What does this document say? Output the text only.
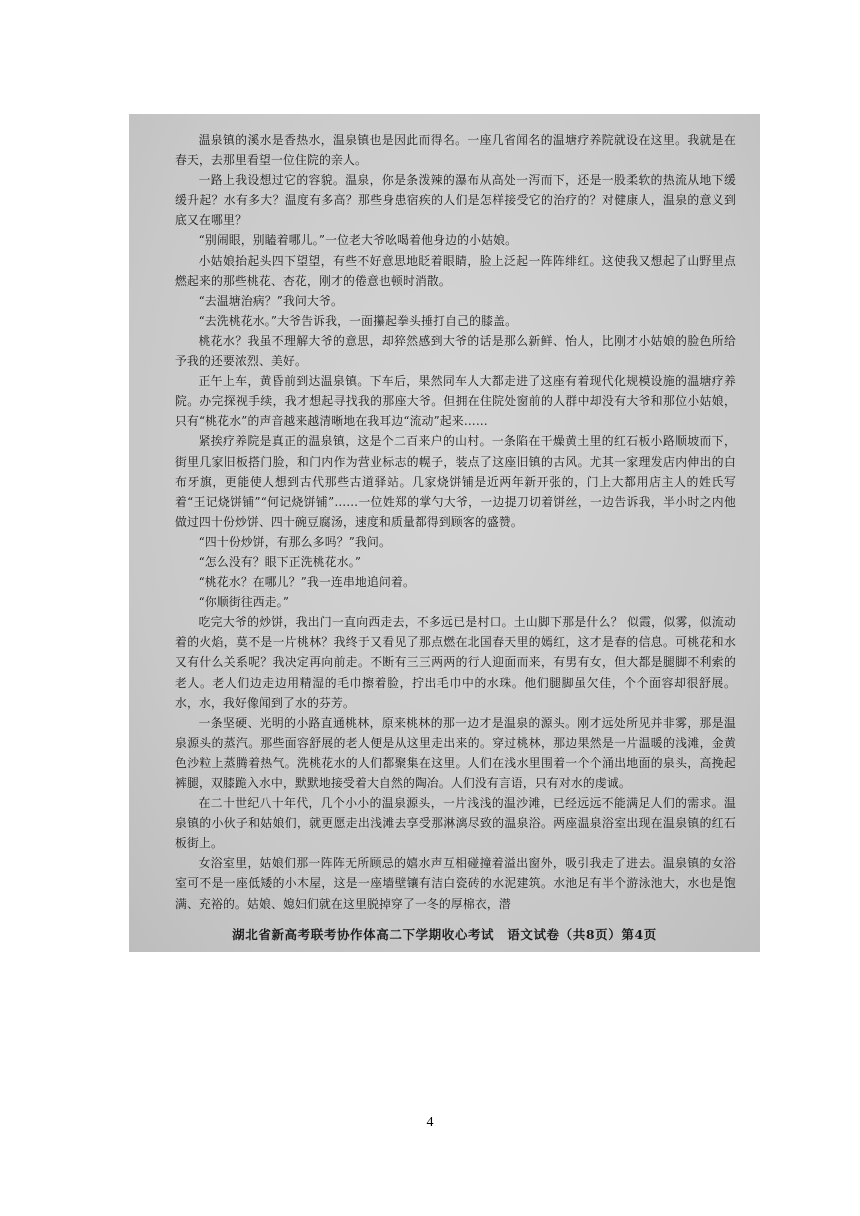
温泉镇的溪水是香热水，温泉镇也是因此而得名。一座几省闻名的温塘疗养院就设在这里。我就是在春天，去那里看望一位住院的亲人。

一路上我设想过它的容貌。温泉，你是条泼辣的瀑布从高处一泻而下，还是一股柔软的热流从地下缓缓升起？水有多大？温度有多高？那些身患宿疾的人们是怎样接受它的治疗的？对健康人，温泉的意义到底又在哪里？

“别闹眼，别瞌着哪儿。”一位老大爷吆喝着他身边的小姑娘。

小姑娘抬起头四下望望，有些不好意思地眨着眼睛，脸上泛起一阵阵绯红。这使我又想起了山野里点燃起来的那些桃花、杏花，刚才的倦意也顿时消散。

“去温塘治病？”我问大爷。

“去洗桃花水。”大爷告诉我，一面攥起拳头捶打自己的膝盖。

桃花水？我虽不理解大爷的意思，却猝然感到大爷的话是那么新鲜、怡人，比刚才小姑娘的脸色所给予我的还要浓烈、美好。

正午上车，黄昏前到达温泉镇。下车后，果然同车人大都走进了这座有着现代化规模设施的温塘疗养院。办完探视手续，我才想起寻找我的那座大爷。但拥在住院处窗前的人群中却没有大爷和那位小姑娘，只有“桃花水”的声音越来越清晰地在我耳边“流动”起来……

紧挨疗养院是真正的温泉镇，这是个二百来户的山村。一条陷在干燥黄土里的红石板小路顺坡而下，街里几家旧板搭门脸，和门内作为营业标志的幌子，装点了这座旧镇的古风。尤其一家理发店内伸出的白布牙旗，更能使人想到古代那些古道驿站。几家烧饼铺是近两年新开张的，门上大都用店主人的姓氏写着“王记烧饼铺”“何记烧饼铺”……一位姓郑的掌勺大爷，一边提刀切着饼丝，一边告诉我，半小时之内他做过四十份炒饼、四十碗豆腐汤，速度和质量都得到顾客的盛赞。

“四十份炒饼，有那么多吗？”我问。

“怎么没有？眼下正洗桃花水。”

“桃花水？在哪儿？”我一连串地追问着。

“你顺街往西走。”

吃完大爷的炒饼，我出门一直向西走去，不多远已是村口。土山脚下那是什么？ 似霞，似雾，似流动着的火焰，莫不是一片桃林？我终于又看见了那点燃在北国春天里的嫣红，这才是春的信息。可桃花和水又有什么关系呢？我决定再向前走。不断有三三两两的行人迎面而来，有男有女，但大都是腿脚不利索的老人。老人们边走边用精湿的毛巾擦着脸，拧出毛巾中的水珠。他们腿脚虽欠佳，个个面容却很舒展。水，水，我好像闻到了水的芬芳。

一条坚硬、光明的小路直通桃林，原来桃林的那一边才是温泉的源头。刚才远处所见并非雾，那是温泉源头的蒸汽。那些面容舒展的老人便是从这里走出来的。穿过桃林，那边果然是一片温暖的浅滩，金黄色沙粒上蒸腾着热气。洗桃花水的人们都聚集在这里。人们在浅水里围着一个个涌出地面的泉头，高挽起裤腿，双膝跪入水中，默默地接受着大自然的陶冶。人们没有言语，只有对水的虔诚。

在二十世纪八十年代，几个小小的温泉源头，一片浅浅的温沙滩，已经远远不能满足人们的需求。温泉镇的小伙子和姑娘们，就更愿走出浅滩去享受那淋漓尽致的温泉浴。两座温泉浴室出现在温泉镇的红石板街上。

女浴室里，姑娘们那一阵阵无所顾忌的嬉水声互相碰撞着溢出窗外，吸引我走了进去。温泉镇的女浴室可不是一座低矮的小木屋，这是一座墙壁镶有洁白瓷砖的水泥建筑。水池足有半个游泳池大，水也是饱满、充裕的。姑娘、媳妇们就在这里脱掉穿了一冬的厚棉衣，潜

湖北省新高考联考协作体高二下学期收心考试　语文试卷（共8页）第4页
4
